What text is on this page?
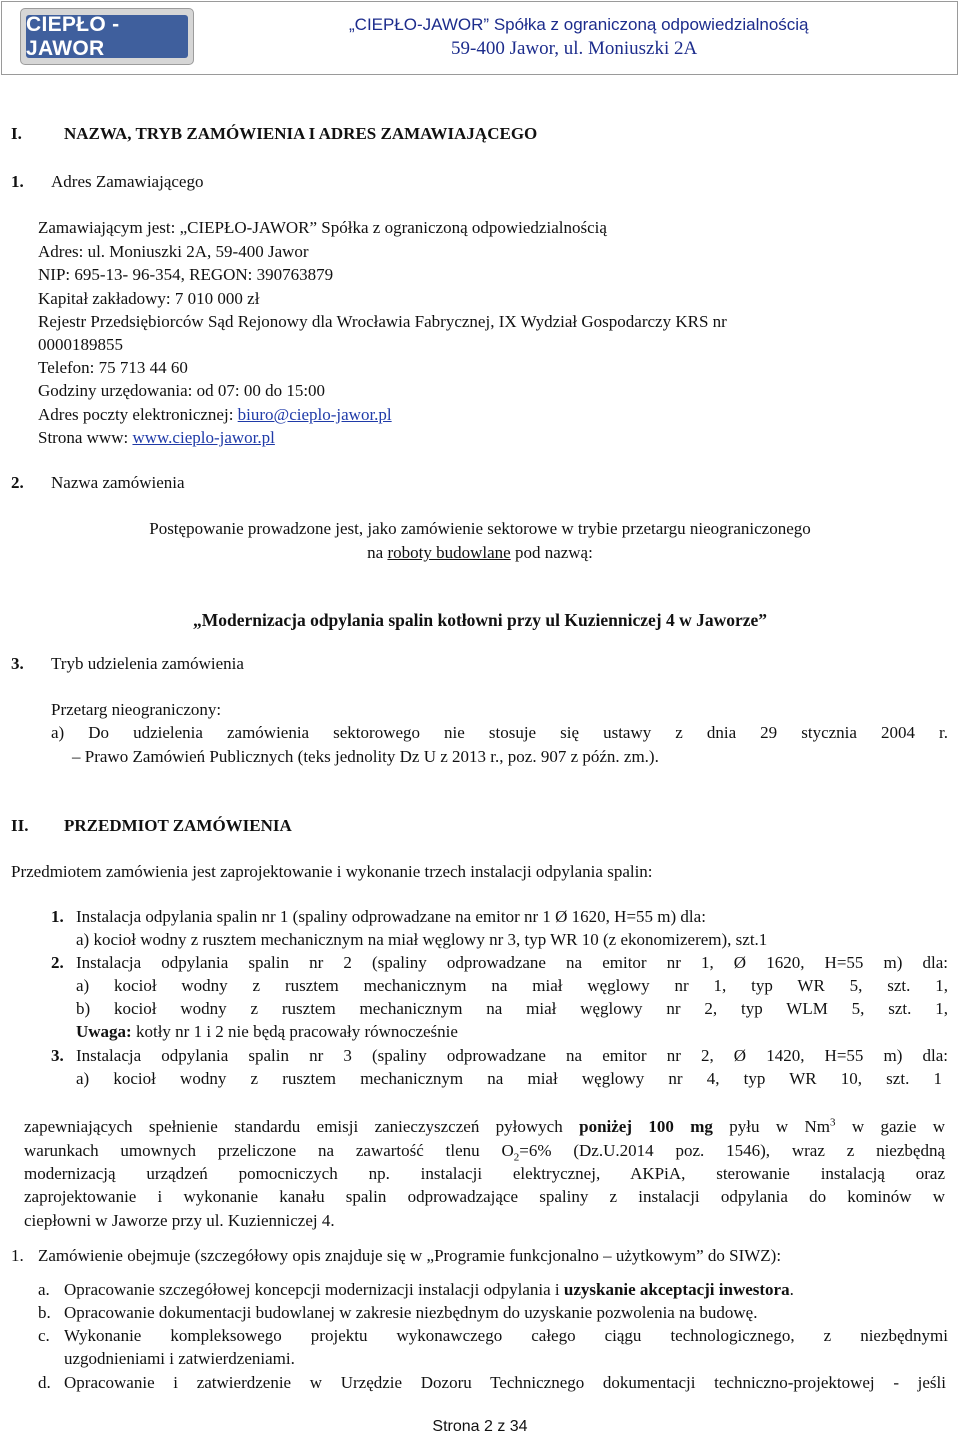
CIEPŁO - JAWOR
„CIEPŁO-JAWOR” Spółka z ograniczoną odpowiedzialnością
59-400 Jawor, ul. Moniuszki 2A
I. NAZWA, TRYB ZAMÓWIENIA I ADRES ZAMAWIAJĄCEGO
1. Adres Zamawiającego
Zamawiającym jest: „CIEPŁO-JAWOR” Spółka z ograniczoną odpowiedzialnością
Adres: ul. Moniuszki 2A, 59-400 Jawor
NIP: 695-13- 96-354, REGON: 390763879
Kapitał zakładowy: 7 010 000 zł
Rejestr Przedsiębiorców Sąd Rejonowy dla Wrocławia Fabrycznej, IX Wydział Gospodarczy KRS nr
0000189855
Telefon: 75 713 44 60
Godziny urzędowania: od 07: 00 do 15:00
Adres poczty elektronicznej: biuro@cieplo-jawor.pl
Strona www: www.cieplo-jawor.pl
2. Nazwa zamówienia
Postępowanie prowadzone jest, jako zamówienie sektorowe w trybie przetargu nieograniczonego
na roboty budowlane pod nazwą:
„Modernizacja odpylania spalin kotłowni przy ul Kuzienniczej 4 w Jaworze”
3. Tryb udzielenia zamówienia
Przetarg nieograniczony:
a) Do udzielenia zamówienia sektorowego nie stosuje się ustawy z dnia 29 stycznia 2004 r.
– Prawo Zamówień Publicznych (teks jednolity Dz U z 2013 r., poz. 907 z późn. zm.).
II. PRZEDMIOT ZAMÓWIENIA
Przedmiotem zamówienia jest zaprojektowanie i wykonanie trzech instalacji odpylania spalin:
1. Instalacja odpylania spalin nr 1 (spaliny odprowadzane na emitor nr 1 Ø 1620, H=55 m) dla:
a) kocioł wodny z rusztem mechanicznym na miał węglowy nr 3, typ WR 10 (z ekonomizerem), szt.1
2. Instalacja odpylania spalin nr 2 (spaliny odprowadzane na emitor nr 1, Ø 1620, H=55 m) dla:
a) kocioł wodny z rusztem mechanicznym na miał węglowy nr 1, typ WR 5, szt. 1,
b) kocioł wodny z rusztem mechanicznym na miał węglowy nr 2, typ WLM 5, szt. 1,
Uwaga: kotły nr 1 i 2 nie będą pracowały równocześnie
3. Instalacja odpylania spalin nr 3 (spaliny odprowadzane na emitor nr 2, Ø 1420, H=55 m) dla:
a) kocioł wodny z rusztem mechanicznym na miał węglowy nr 4, typ WR 10, szt. 1
zapewniających spełnienie standardu emisji zanieczyszczeń pyłowych poniżej 100 mg pyłu w Nm$^3$ w gazie w
warunkach umownych przeliczone na zawartość tlenu $O_2=6\%$ (Dz.U.2014 poz. 1546), wraz z niezbędną
modernizacją urządzeń pomocniczych np. instalacji elektrycznej, AKPiA, sterowanie instalacją oraz
zaprojektowanie i wykonanie kanału spalin odprowadzające spaliny z instalacji odpylania do kominów w
ciepłowni w Jaworze przy ul. Kuzienniczej 4.
1. Zamówienie obejmuje (szczegółowy opis znajduje się w „Programie funkcjonalno – użytkowym” do SIWZ):
a. Opracowanie szczegółowej koncepcji modernizacji instalacji odpylania i uzyskanie akceptacji inwestora.
b. Opracowanie dokumentacji budowlanej w zakresie niezbędnym do uzyskanie pozwolenia na budowę.
c. Wykonanie kompleksowego projektu wykonawczego całego ciągu technologicznego, z niezbędnymi
uzgodnieniami i zatwierdzeniami.
d. Opracowanie i zatwierdzenie w Urzędzie Dozoru Technicznego dokumentacji techniczno-projektowej - jeśli
Strona 2 z 34
